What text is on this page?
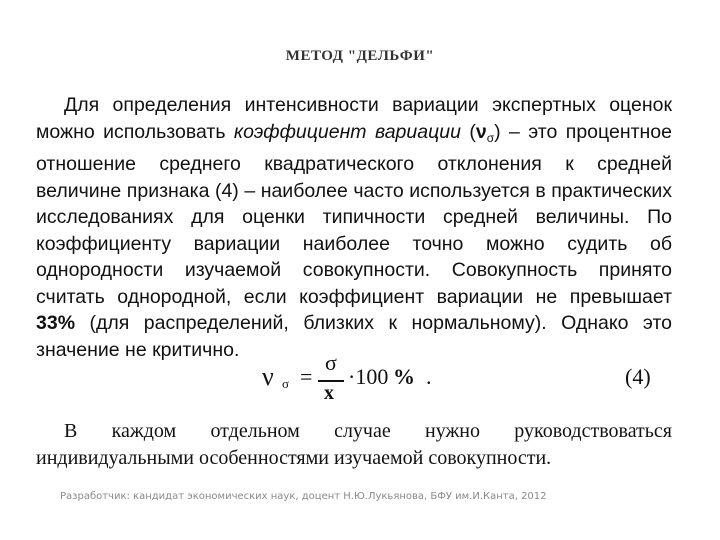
МЕТОД "ДЕЛЬФИ"
Для определения интенсивности вариации экспертных оценок можно использовать коэффициент вариации $(\nu_\sigma)$ – это процентное отношение среднего квадратического отклонения к средней величине признака (4) – наиболее часто используется в практических исследованиях для оценки типичности средней величины. По коэффициенту вариации наиболее точно можно судить об однородности изучаемой совокупности. Совокупность принято считать однородной, если коэффициент вариации не превышает 33% (для распределений, близких к нормальному). Однако это значение не критично.
ν σ =
σ
x
·100 % .	(4)
В каждом отдельном случае нужно руководствоваться индивидуальными особенностями изучаемой совокупности.
Разработчик: кандидат экономических наук, доцент Н.Ю.Лукьянова, БФУ им.И.Канта, 2012
